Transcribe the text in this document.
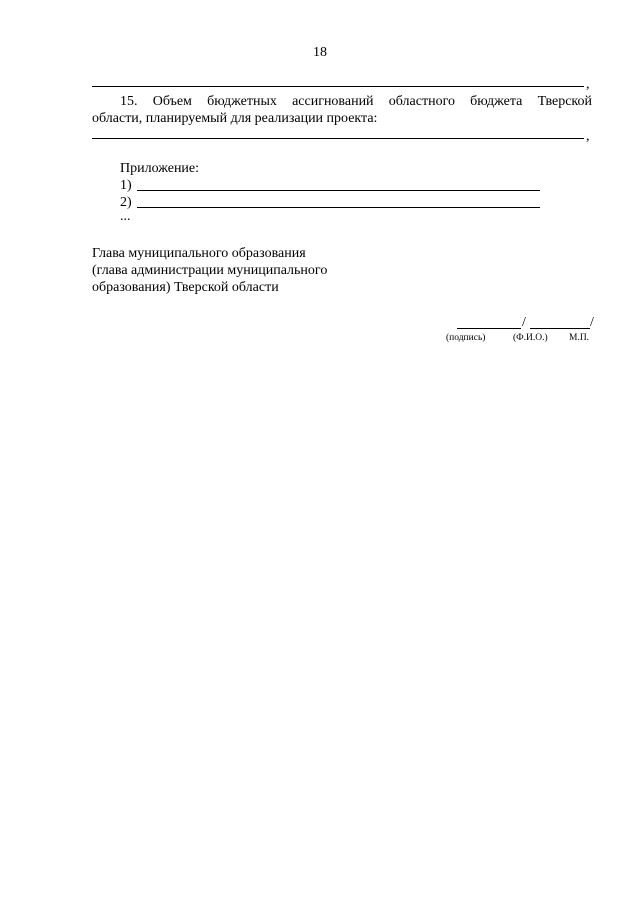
18
,
15. Объем бюджетных ассигнований областного бюджета Тверской
области, планируемый для реализации проекта:
,
Приложение:
1)
2)
...
Глава муниципального образования
(глава администрации муниципального
образования) Тверской области
/	/
(подпись)	(Ф.И.О.) М.П.
